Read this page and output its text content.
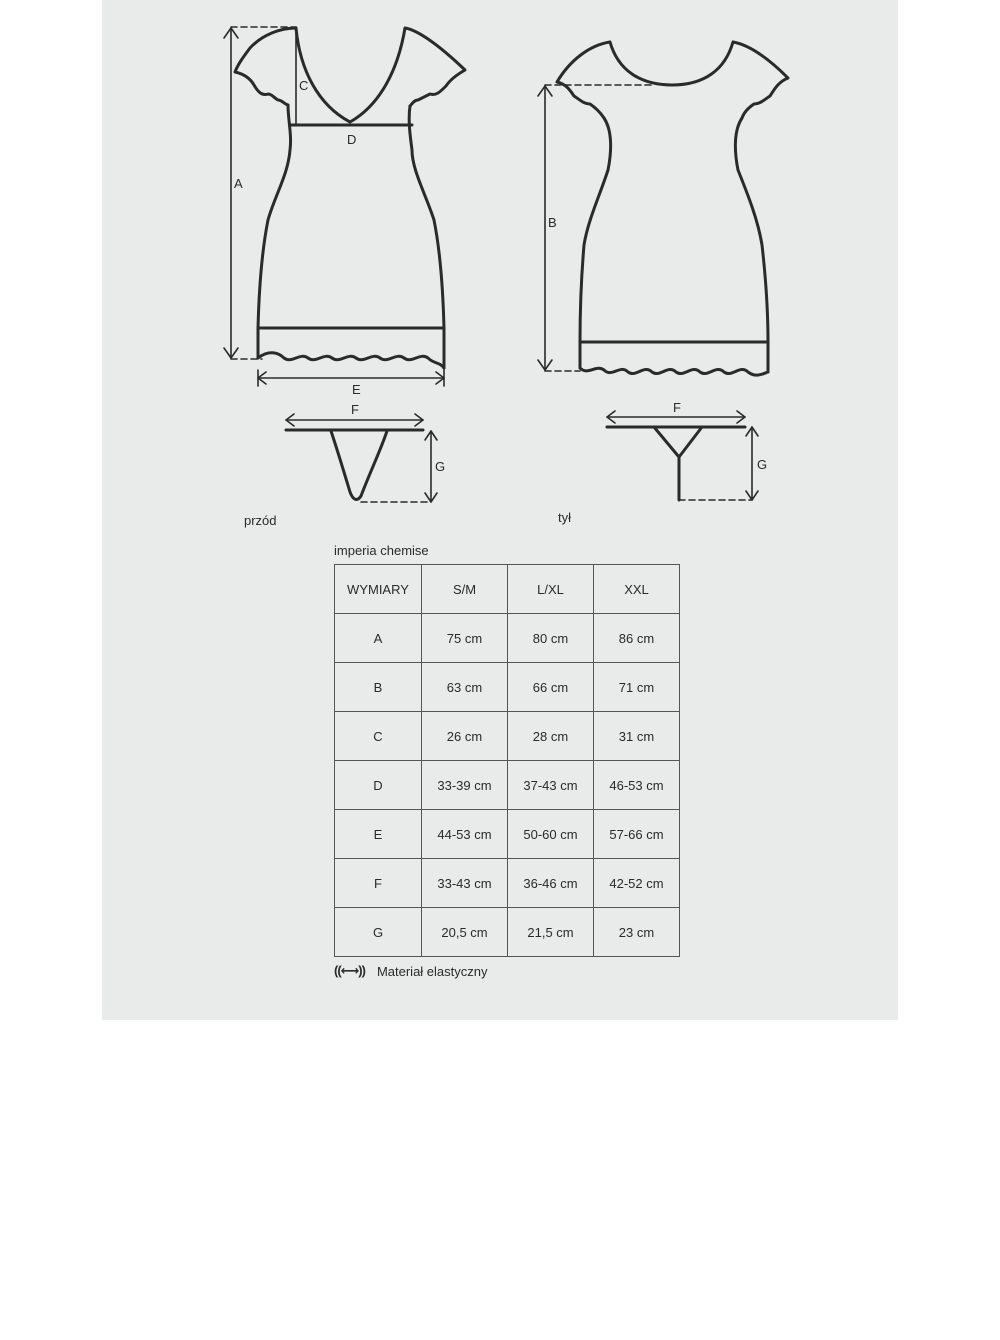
A
B
C
D
E
F	F
G	G
przód	tył
imperia chemise
WYMIARY	S/M	L/XL	XXL
A	75 cm	80 cm	86 cm
B	63 cm	66 cm	71 cm
C	26 cm	28 cm	31 cm
D	33-39 cm	37-43 cm	46-53 cm
E	44-53 cm	50-60 cm	57-66 cm
F	33-43 cm	36-46 cm	42-52 cm
G	20,5 cm	21,5 cm	23 cm
((⟷)) Materiał elastyczny
